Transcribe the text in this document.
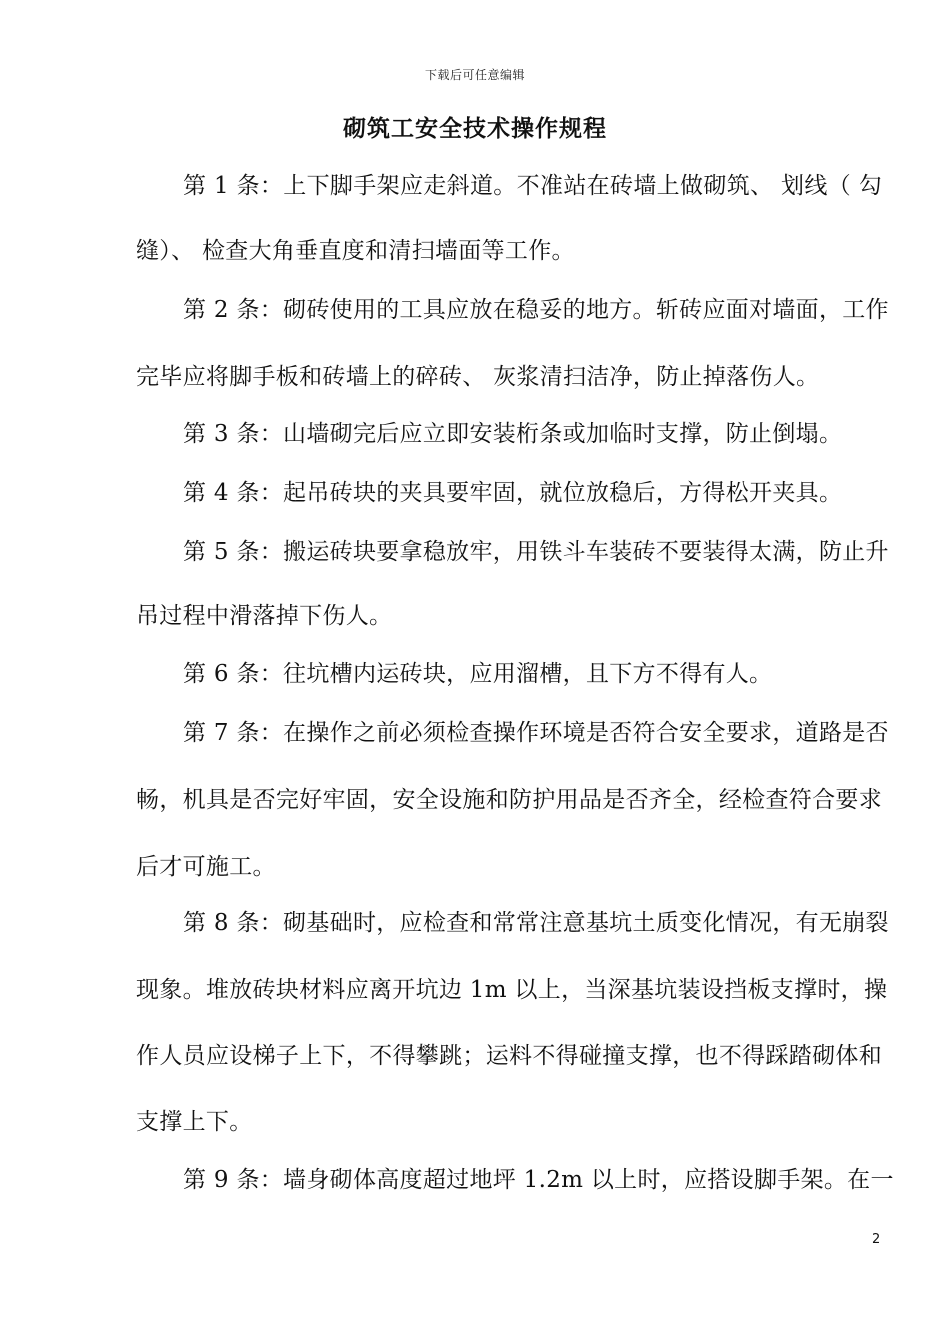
下载后可任意编辑
砌筑工安全技术操作规程
第 1 条：上下脚手架应走斜道。不准站在砖墙上做砌筑、 划线（ 勾
缝）、 检查大角垂直度和清扫墙面等工作。
第 2 条：砌砖使用的工具应放在稳妥的地方。斩砖应面对墙面，工作
完毕应将脚手板和砖墙上的碎砖、 灰浆清扫洁净，防止掉落伤人。
第 3 条：山墙砌完后应立即安装桁条或加临时支撑，防止倒塌。
第 4 条：起吊砖块的夹具要牢固，就位放稳后，方得松开夹具。
第 5 条：搬运砖块要拿稳放牢，用铁斗车装砖不要装得太满，防止升
吊过程中滑落掉下伤人。
第 6 条：往坑槽内运砖块，应用溜槽，且下方不得有人。
第 7 条：在操作之前必须检查操作环境是否符合安全要求，道路是否
畅，机具是否完好牢固，安全设施和防护用品是否齐全，经检查符合要求
后才可施工。
第 8 条：砌基础时，应检查和常常注意基坑土质变化情况，有无崩裂
现象。堆放砖块材料应离开坑边 1m 以上，当深基坑装设挡板支撑时，操
作人员应设梯子上下，不得攀跳；运料不得碰撞支撑，也不得踩踏砌体和
支撑上下。
第 9 条：墙身砌体高度超过地坪 1.2m 以上时，应搭设脚手架。在一
2
